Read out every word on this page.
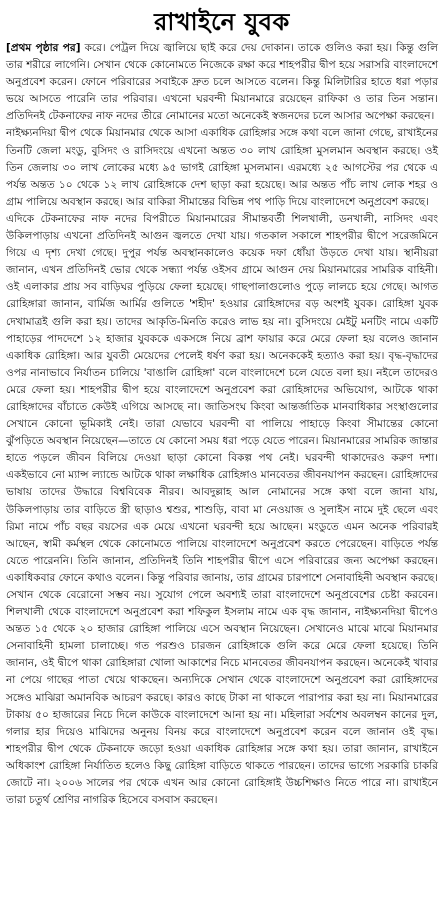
রাখাইনে যুবক

[প্রথম পৃষ্ঠার পর] করে। পেট্রল দিয়ে জ্বালিয়ে ছাই করে দেয় দোকান। তাকে গুলিও করা হয়। কিন্তু গুলি তার শরীরে লাগেনি। সেখান থেকে কোনোমতে নিজেকে রক্ষা করে শাহপরীর দ্বীপ হয়ে সরাসরি বাংলাদেশে অনুপ্রবেশ করেন। ফোনে পরিবারের সবাইকে দ্রুত চলে আসতে বলেন। কিন্তু মিলিটারির হাতে ধরা পড়ার ভয়ে আসতে পারেনি তার পরিবার। এখনো ঘরবন্দী মিয়ানমারে রয়েছেন রাফিকা ও তার তিন সন্তান। প্রতিদিনই টেকনাফের নাফ নদের তীরে নোমানের মতো অনেকেই স্বজনদের চলে আসার অপেক্ষা করছেন।

নাইক্ষ্যনদিয়া দ্বীপ থেকে মিয়ানমার থেকে আসা একাধিক রোহিঙ্গার সঙ্গে কথা বলে জানা গেছে, রাখাইনের তিনটি জেলা মংডু, বুসিদং ও রাসিদংয়ে এখনো অন্তত ৩০ লাখ রোহিঙ্গা মুসলমান অবস্থান করছে। ওই তিন জেলায় ৩০ লাখ লোকের মধ্যে ৯৫ ভাগই রোহিঙ্গা মুসলমান। এরমধ্যে ২৫ আগস্টের পর থেকে এ পর্যন্ত অন্তত ১০ থেকে ১২ লাখ রোহিঙ্গাকে দেশ ছাড়া করা হয়েছে। আর অন্তত পাঁচ লাখ লোক শহর ও গ্রাম পালিয়ে অবস্থান করছে। আর বাকিরা সীমান্তের বিভিন্ন পথ পাড়ি দিয়ে বাংলাদেশে অনুপ্রবেশ করছে।

এদিকে টেকনাফের নাফ নদের বিপরীতে মিয়ানমারের সীমান্তবর্তী শিলখালী, ডনখালী, নাসিদং এবং উকিলপাড়ায় এখনো প্রতিদিনই আগুন জ্বলতে দেখা যায়। গতকাল সকালে শাহপরীর দ্বীপে সরেজমিনে গিয়ে এ দৃশ্য দেখা গেছে। দুপুর পর্যন্ত অবস্থানকালেও কয়েক দফা ধোঁয়া উড়তে দেখা যায়। স্থানীয়রা জানান, এখন প্রতিদিনই ভোর থেকে সন্ধ্যা পর্যন্ত ওইসব গ্রামে আগুন দেয় মিয়ানমারের সামরিক বাহিনী। ওই এলাকার প্রায় সব বাড়িঘর পুড়িয়ে ফেলা হয়েছে। গাছপালাগুলোও পুড়ে লালচে হয়ে গেছে। আগত রোহিঙ্গারা জানান, বার্মিজ আর্মির গুলিতে 'শহীদ' হওয়ার রোহিঙ্গাদের বড় অংশই যুবক। রোহিঙ্গা যুবক দেখামাত্রই গুলি করা হয়। তাদের আকৃতি-মিনতি করেও লাভ হয় না। বুসিদংয়ে মেইটু মনটিং নামে একটি পাহাড়ের পাদদেশে ১২ হাজার যুবককে একসঙ্গে নিয়ে ব্রাশ ফায়ার করে মেরে ফেলা হয় বলেও জানান একাধিক রোহিঙ্গা। আর যুবতী মেয়েদের পেলেই ধর্ষণ করা হয়। অনেককেই হত্যাও করা হয়। বৃদ্ধ-বৃদ্ধাদের ওপর নানাভাবে নির্যাতন চালিয়ে 'বাঙালি রোহিঙ্গা' বলে বাংলাদেশে চলে যেতে বলা হয়। নইলে তাদেরও মেরে ফেলা হয়। শাহপরীর দ্বীপ হয়ে বাংলাদেশে অনুপ্রবেশ করা রোহিঙ্গাদের অভিযোগ, আটকে থাকা রোহিঙ্গাদের বাঁচাতে কেউই এগিয়ে আসছে না। জাতিসংঘ কিংবা আন্তর্জাতিক মানবাধিকার সংস্থাগুলোর সেখানে কোনো ভূমিকাই নেই। তারা যেভাবে ঘরবন্দী বা পালিয়ে পাহাড়ে কিংবা সীমান্তের কোনো ঝুঁপড়িতে অবস্থান নিয়েছেন—তাতে যে কোনো সময় ধরা পড়ে যেতে পারেন। মিয়ানমারের সামরিক জান্তার হাতে পড়লে জীবন বিলিয়ে দেওয়া ছাড়া কোনো বিকল্প পথ নেই। ঘরবন্দী থাকাদেরও করুণ দশা। একইভাবে নো ম্যান্স ল্যান্ডে আটকে থাকা লক্ষাধিক রোহিঙ্গাও মানবেতর জীবনযাপন করছেন। রোহিঙ্গাদের ভাষায় তাদের উদ্ধারে বিশ্ববিবেক নীরব। আবদুল্লাহ আল নোমানের সঙ্গে কথা বলে জানা যায়, উকিলপাড়ায় তার বাড়িতে স্ত্রী ছাড়াও শ্বশুর, শাশুড়ি, বাবা মা নেওয়াজ ও সুলাইস নামে দুই ছেলে এবং রিমা নামে পাঁচ বছর বয়সের এক মেয়ে এখনো ঘরবন্দী হয়ে আছেন। মংডুতে এমন অনেক পরিবারই আছেন, স্বামী কর্মস্থল থেকে কোনোমতে পালিয়ে বাংলাদেশে অনুপ্রবেশ করতে পেরেছেন। বাড়িতে পর্যন্ত যেতে পারেননি। তিনি জানান, প্রতিদিনই তিনি শাহপরীর দ্বীপে এসে পরিবারের জন্য অপেক্ষা করছেন। একাধিকবার ফোনে কথাও বলেন। কিন্তু পরিবার জানায়, তার গ্রামের চারপাশে সেনাবাহিনী অবস্থান করছে। সেখান থেকে বেরোনো সম্ভব নয়। সুযোগ পেলে অবশ্যই তারা বাংলাদেশে অনুপ্রবেশের চেষ্টা করবেন। শিলখালী থেকে বাংলাদেশে অনুপ্রবেশ করা শফিকুল ইসলাম নামে এক বৃদ্ধ জানান, নাইক্ষ্যনদিয়া দ্বীপেও অন্তত ১৫ থেকে ২০ হাজার রোহিঙ্গা পালিয়ে এসে অবস্থান নিয়েছেন। সেখানেও মাঝে মাঝে মিয়ানমার সেনাবাহিনী হামলা চালাচ্ছে। গত পরশুও চারজন রোহিঙ্গাকে গুলি করে মেরে ফেলা হয়েছে। তিনি জানান, ওই দ্বীপে থাকা রোহিঙ্গারা খোলা আকাশের নিচে মানবেতর জীবনযাপন করছেন। অনেকেই খাবার না পেয়ে গাছের পাতা খেয়ে থাকছেন। অন্যদিকে সেখান থেকে বাংলাদেশে অনুপ্রবেশ করা রোহিঙ্গাদের সঙ্গেও মাঝিরা অমানবিক আচরণ করছে। কারও কাছে টাকা না থাকলে পারাপার করা হয় না। মিয়ানমারের টাকায় ৫০ হাজারের নিচে দিলে কাউকে বাংলাদেশে আনা হয় না। মহিলারা সর্বশেষ অবলম্বন কানের দুল, গলার হার দিয়েও মাঝিদের অনুনয় বিনয় করে বাংলাদেশে অনুপ্রবেশ করেন বলে জানান ওই বৃদ্ধ। শাহপরীর দ্বীপ থেকে টেকনাফে জড়ো হওয়া একাধিক রোহিঙ্গার সঙ্গে কথা হয়। তারা জানান, রাখাইনে অধিকাংশ রোহিঙ্গা নির্যাতিত হলেও কিছু রোহিঙ্গা বাড়িতে থাকতে পারছেন। তাদের ভাগ্যে সরকারি চাকরি জোটে না। ২০০৬ সালের পর থেকে এখন আর কোনো রোহিঙ্গাই উচ্চশিক্ষাও নিতে পারে না। রাখাইনে তারা চতুর্থ শ্রেণির নাগরিক হিসেবে বসবাস করছেন।
